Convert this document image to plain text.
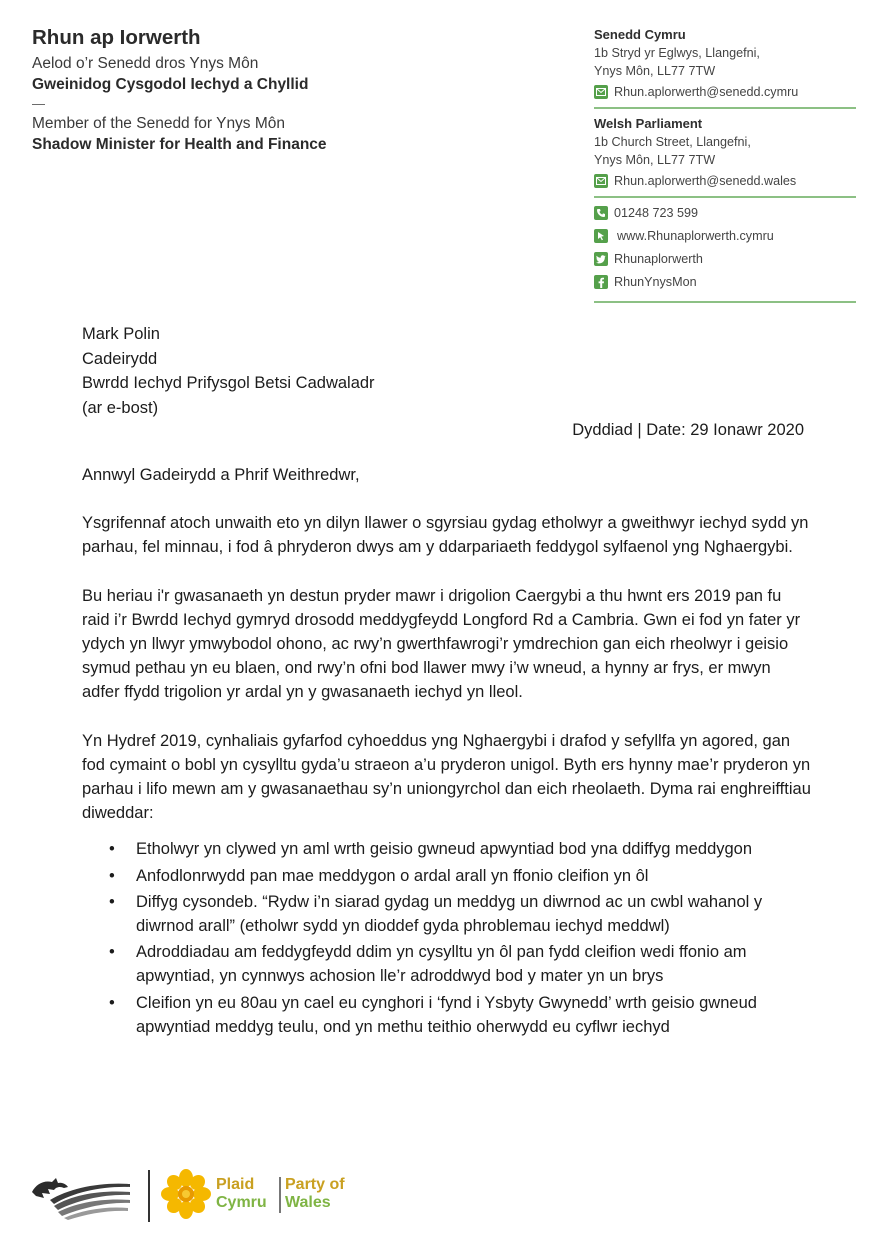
Rhun ap Iorwerth
Aelod o’r Senedd dros Ynys Môn
Gweinidog Cysgodol Iechyd a Chyllid
—
Member of the Senedd for Ynys Môn
Shadow Minister for Health and Finance
Senedd Cymru
1b Stryd yr Eglwys, Llangefni,
Ynys Môn, LL77 7TW
Rhun.aplorwerth@senedd.cymru
Welsh Parliament
1b Church Street, Llangefni,
Ynys Môn, LL77 7TW
Rhun.aplorwerth@senedd.wales
01248 723 599
www.Rhunaplorwerth.cymru
Rhunaplorwerth
RhunYnysMon
Mark Polin
Cadeirydd
Bwrdd Iechyd Prifysgol Betsi Cadwaladr
(ar e-bost)
Dyddiad | Date: 29 Ionawr 2020

Annwyl Gadeirydd a Phrif Weithredwr,

Ysgrifennaf atoch unwaith eto yn dilyn llawer o sgyrsiau gydag etholwyr a gweithwyr iechyd sydd yn parhau, fel minnau, i fod â phryderon dwys am y ddarpariaeth feddygol sylfaenol yng Nghaergybi.

Bu heriau i'r gwasanaeth yn destun pryder mawr i drigolion Caergybi a thu hwnt ers 2019 pan fu raid i’r Bwrdd Iechyd gymryd drosodd meddygfeydd Longford Rd a Cambria. Gwn ei fod yn fater yr ydych yn llwyr ymwybodol ohono, ac rwy’n gwerthfawrogi’r ymdrechion gan eich rheolwyr i geisio symud pethau yn eu blaen, ond rwy’n ofni bod llawer mwy i’w wneud, a hynny ar frys, er mwyn adfer ffydd trigolion yr ardal yn y gwasanaeth iechyd yn lleol.

Yn Hydref 2019, cynhaliais gyfarfod cyhoeddus yng Nghaergybi i drafod y sefyllfa yn agored, gan fod cymaint o bobl yn cysylltu gyda’u straeon a’u pryderon unigol. Byth ers hynny mae’r pryderon yn parhau i lifo mewn am y gwasanaethau sy’n uniongyrchol dan eich rheolaeth. Dyma rai enghreifftiau diweddar:

• Etholwyr yn clywed yn aml wrth geisio gwneud apwyntiad bod yna ddiffyg meddygon
• Anfodlonrwydd pan mae meddygon o ardal arall yn ffonio cleifion yn ôl
• Diffyg cysondeb. “Rydw i’n siarad gydag un meddyg un diwrnod ac un cwbl wahanol y diwrnod arall” (etholwr sydd yn dioddef gyda phroblemau iechyd meddwl)
• Adroddiadau am feddygfeydd ddim yn cysylltu yn ôl pan fydd cleifion wedi ffonio am apwyntiad, yn cynnwys achosion lle’r adroddwyd bod y mater yn un brys
• Cleifion yn eu 80au yn cael eu cynghori i ‘fynd i Ysbyty Gwynedd’ wrth geisio gwneud apwyntiad meddyg teulu, ond yn methu teithio oherwydd eu cyflwr iechyd
Plaid
Cymru
Party of
Wales
